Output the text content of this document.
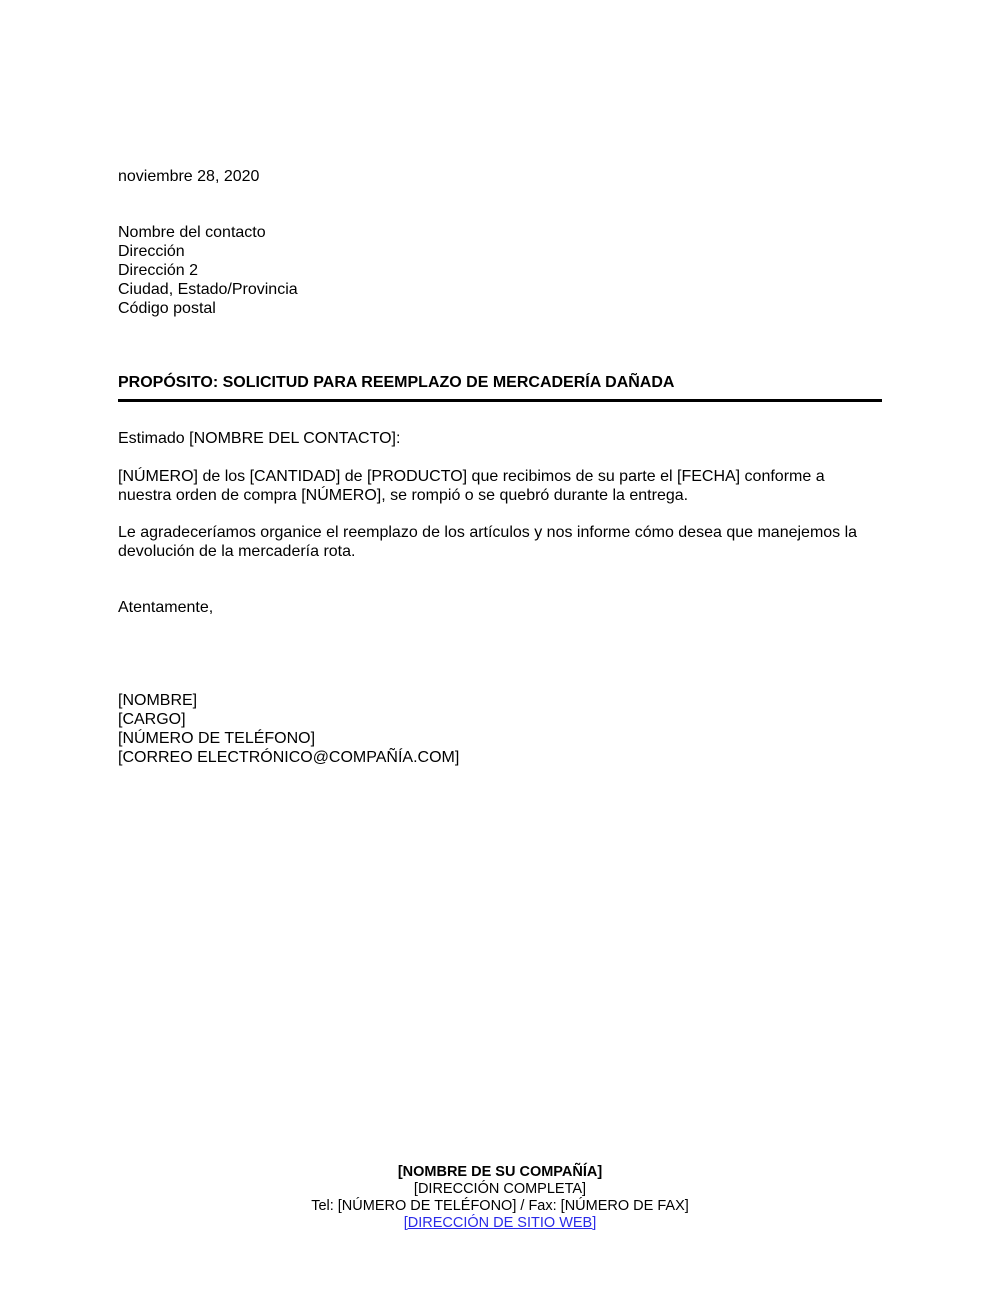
noviembre 28, 2020
Nombre del contacto
Dirección
Dirección 2
Ciudad, Estado/Provincia
Código postal
PROPÓSITO: SOLICITUD PARA REEMPLAZO DE MERCADERÍA DAÑADA
Estimado [NOMBRE DEL CONTACTO]:
[NÚMERO] de los [CANTIDAD] de [PRODUCTO] que recibimos de su parte el [FECHA] conforme a
nuestra orden de compra [NÚMERO], se rompió o se quebró durante la entrega.
Le agradeceríamos organice el reemplazo de los artículos y nos informe cómo desea que manejemos la
devolución de la mercadería rota.
Atentamente,
[NOMBRE]
[CARGO]
[NÚMERO DE TELÉFONO]
[CORREO ELECTRÓNICO@COMPAÑÍA.COM]
[NOMBRE DE SU COMPAÑÍA]
[DIRECCIÓN COMPLETA]
Tel: [NÚMERO DE TELÉFONO] / Fax: [NÚMERO DE FAX]
[DIRECCIÓN DE SITIO WEB]
